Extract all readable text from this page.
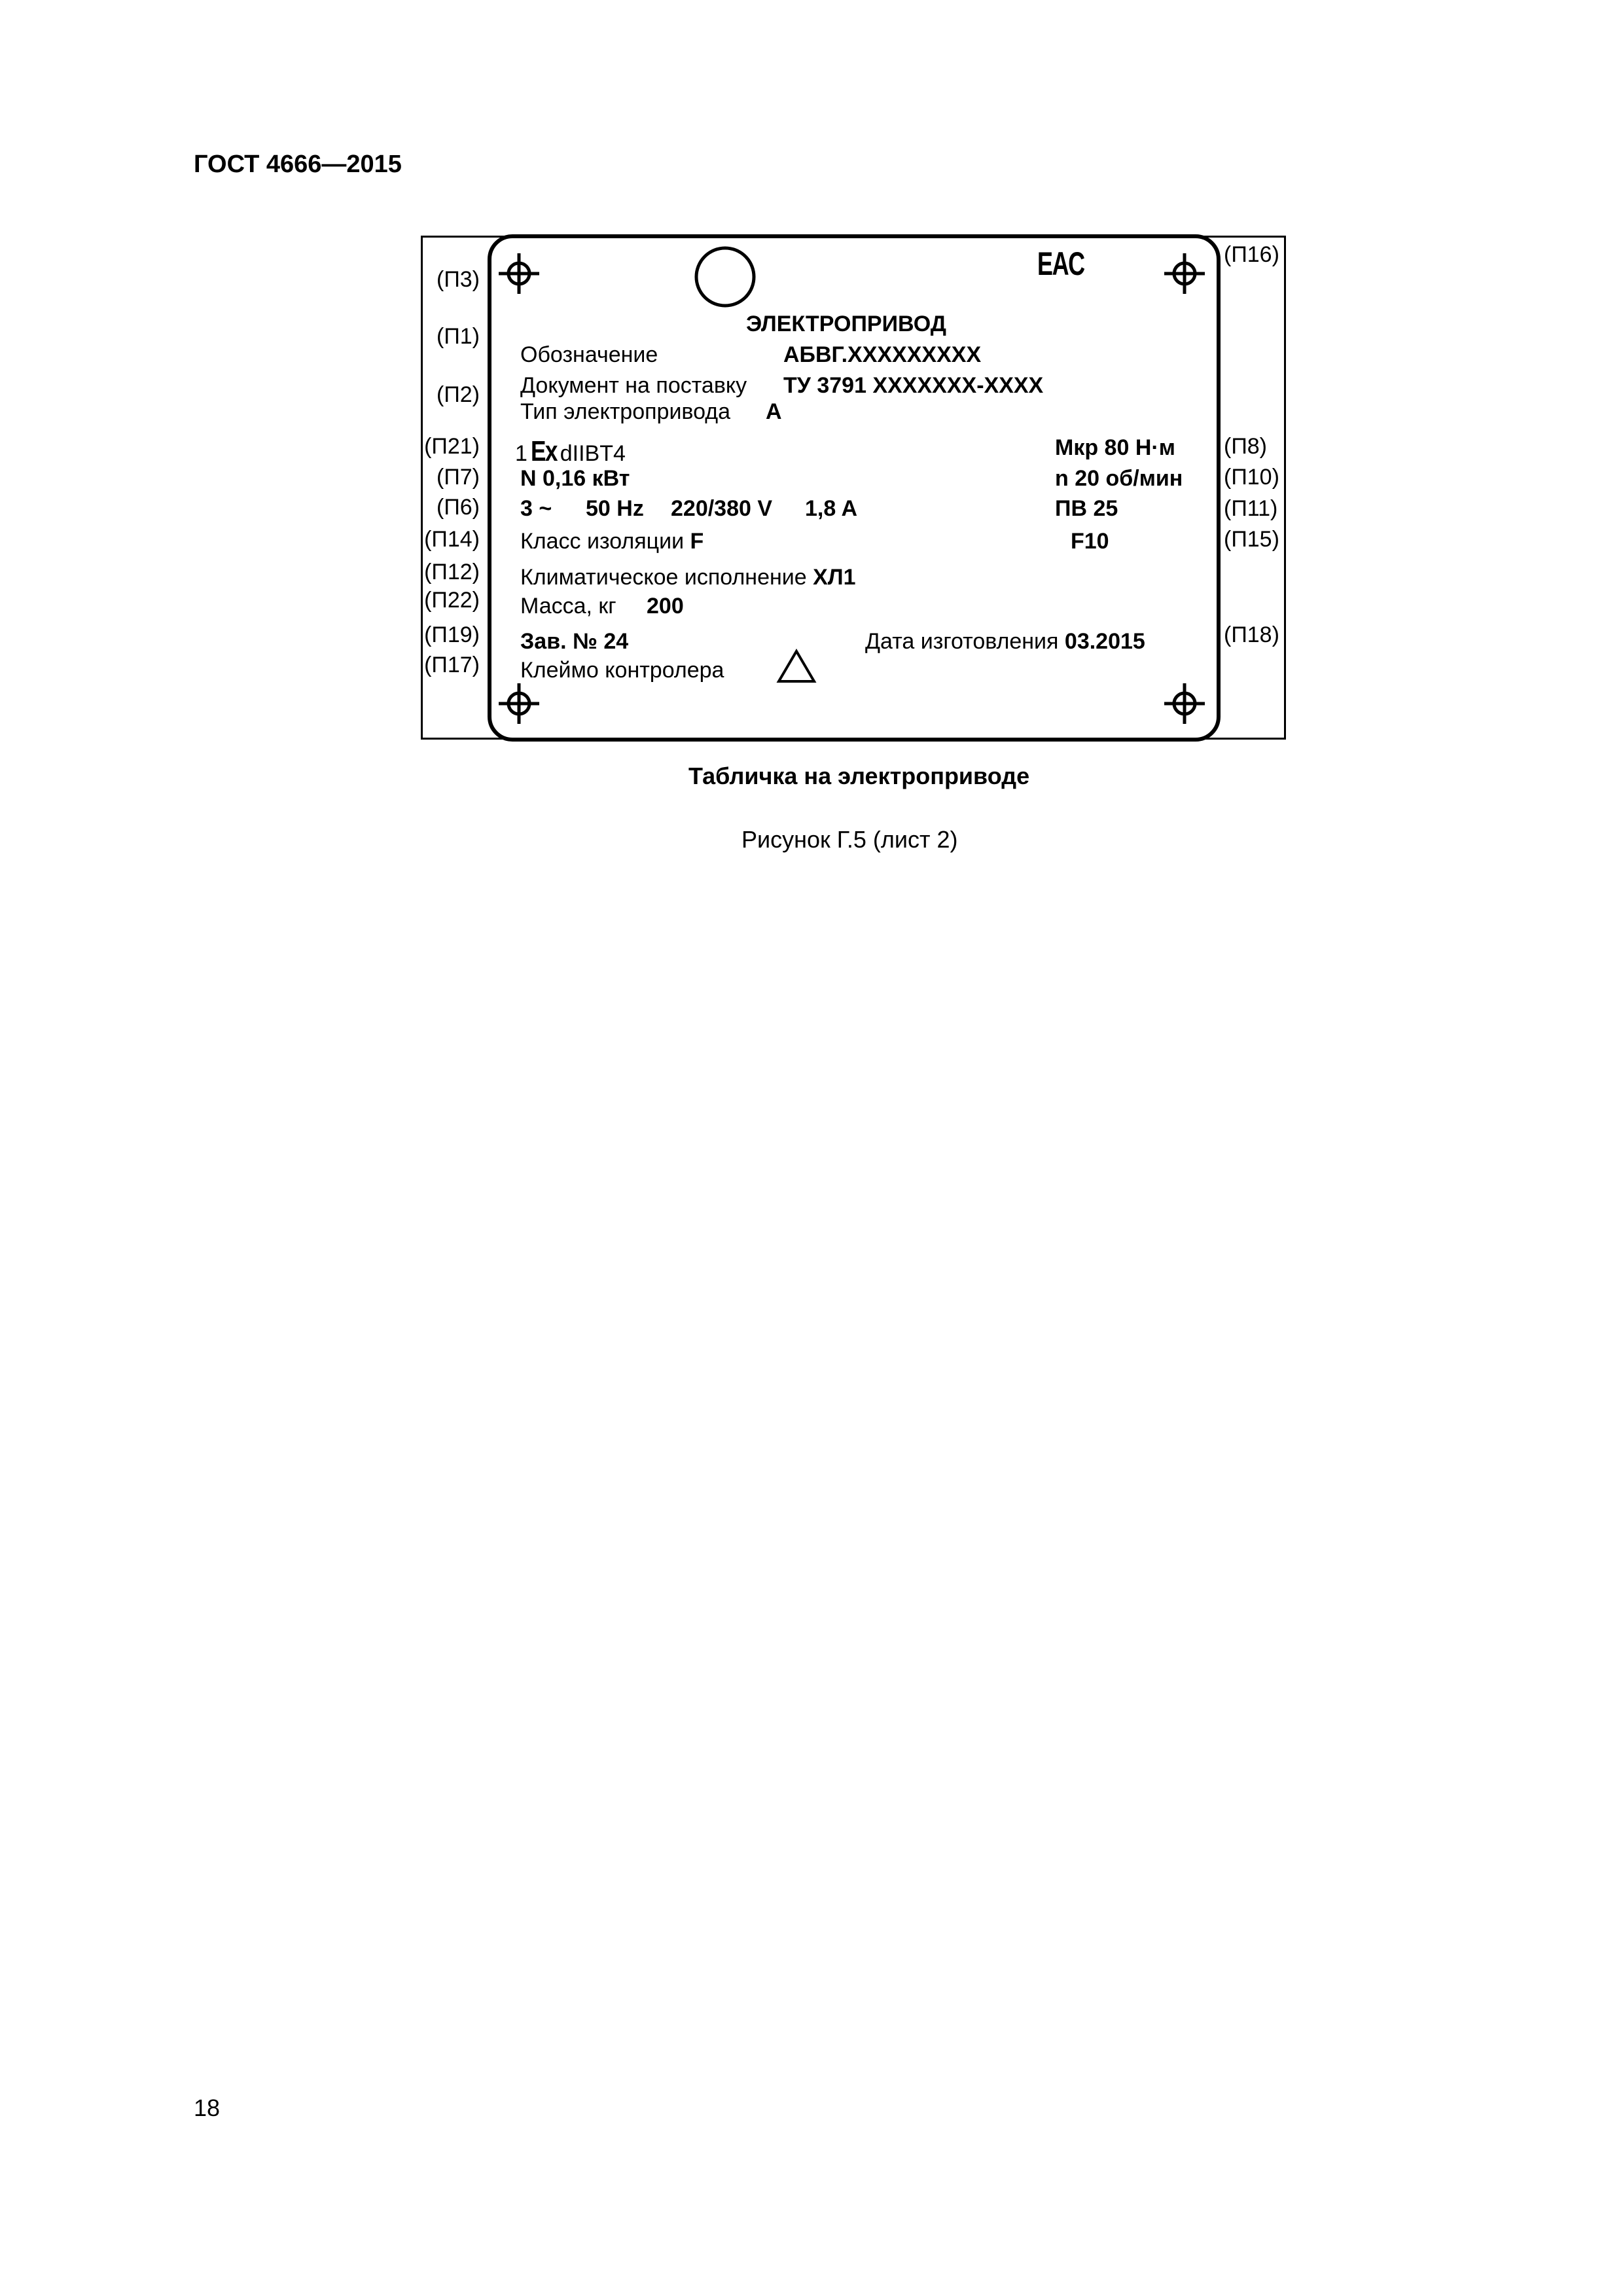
ГОСТ 4666—2015
(П3)
(П1)
(П2)
(П21)
(П7)
(П6)
(П14)
(П12)
(П22)
(П19)
(П17)
(П16)
(П8)
(П10)
(П11)
(П15)
(П18)
EAC
ЭЛЕКТРОПРИВОД
Обозначение	АБВГ.XXXXXXXXX
Документ на поставку ТУ 3791 XXXXXXX-XXXX
Тип электропривода А
1 Ex dIIBT4	Мкр 80 Н·м
N 0,16 кВт	n 20 об/мин
3 ~ 50 Hz 220/380 V 1,8 A	ПВ 25
Класс изоляции F	F10
Климатическое исполнение ХЛ1
Масса, кг 200
Зав. № 24	Дата изготовления 03.2015
Клеймо контролера
Табличка на электроприводе
Рисунок Г.5 (лист 2)
18
